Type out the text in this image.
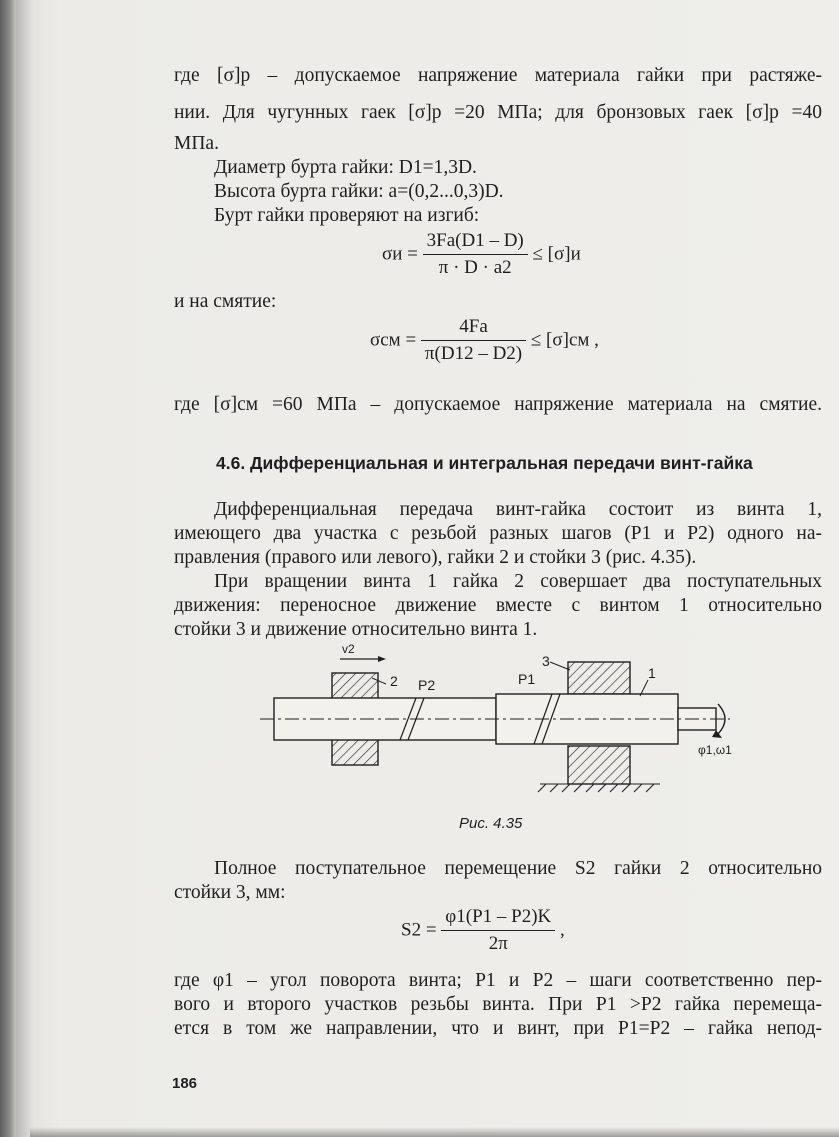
где [σ]р – допускаемое напряжение материала гайки при растяже-
нии. Для чугунных гаек [σ]р =20 МПа; для бронзовых гаек [σ]р =40
МПа.
Диаметр бурта гайки: D1=1,3D.
Высота бурта гайки: a=(0,2...0,3)D.
Бурт гайки проверяют на изгиб:
$\sigma и = \frac{3Fa(D1 - D)}{\pi \cdot D \cdot a2} \le [\sigma]и$
и на смятие:
$\sigma см = \frac{4Fa}{\pi(D12 - D2)} \le [\sigma]см$ ,
где [σ]см =60 МПа – допускаемое напряжение материала на смятие.
4.6. Дифференциальная и интегральная передачи винт-гайка
Дифференциальная передача винт-гайка состоит из винта 1,
имеющего два участка с резьбой разных шагов (P1 и P2) одного на-
правления (правого или левого), гайки 2 и стойки 3 (рис. 4.35).
При вращении винта 1 гайка 2 совершает два поступательных
движения: переносное движение вместе с винтом 1 относительно
стойки 3 и движение относительно винта 1.
v2
2 P2
3
P1	1
φ1,ω1
Рис. 4.35
Полное поступательное перемещение S2 гайки 2 относительно
стойки 3, мм:
$S2 = \frac{\varphi 1(P1 - P2)K}{2\pi}$ ,
где φ1 – угол поворота винта; P1 и P2 – шаги соответственно пер-
вого и второго участков резьбы винта. При P1 >P2 гайка перемеща-
ется в том же направлении, что и винт, при P1=P2 – гайка непод-
186
